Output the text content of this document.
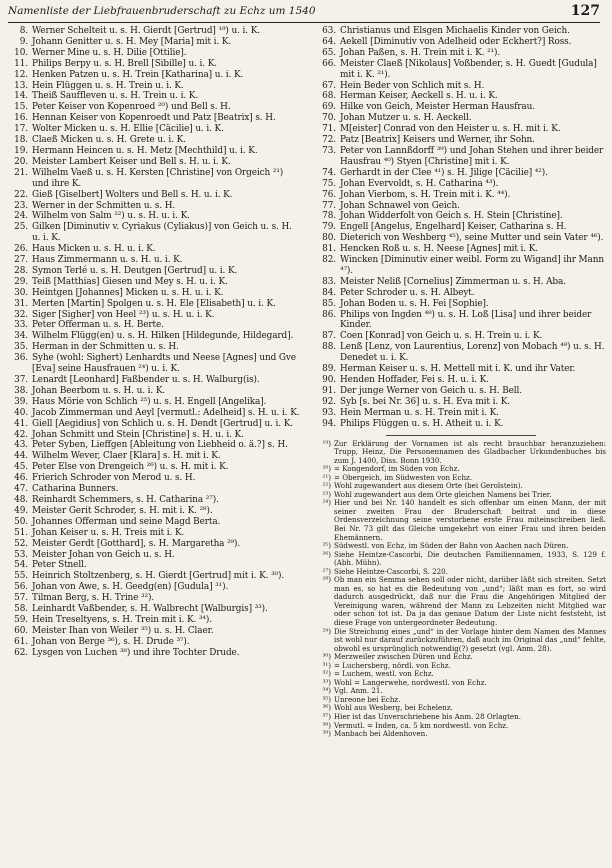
Namenliste der Liebfrauenbruderschaft zu Echz um 1540	127
8. Werner Schelteit u. s. H. Gierdt [Gertrud] ¹⁹) u. i. K.
9. Johann Genitter u. s. H. Mey [Maria] mit i. K.
10. Werner Mine u. s. H. Dilie [Ottilie].
11. Philips Berpy u. s. H. Brell [Sibille] u. i. K.
12. Henken Patzen u. s. H. Trein [Katharina] u. i. K.
13. Hein Flüggen u. s. H. Trein u. i. K.
14. Theiß Sauffleven u. s. H. Trein u. i. K.
15. Peter Keiser von Kopenroed ²⁰) und Bell s. H.
16. Hennan Keiser von Kopenroedt und Patz [Beatrix] s. H.
17. Wolter Micken u. s. H. Ellie [Cäcilie] u. i. K.
18. Claeß Micken u. s. H. Grete u. i. K.
19. Hermann Heincen u. s. H. Metz [Mechthild] u. i. K.
20. Meister Lambert Keiser und Bell s. H. u. i. K.
21. Wilhelm Vaeß u. s. H. Kersten [Christine] von Orgeich ²¹) und ihre K.
22. Gieß [Giselbert] Wolters und Bell s. H. u. i. K.
23. Werner in der Schmitten u. s. H.
24. Wilhelm von Salm ²²) u. s. H. u. i. K.
25. Gilken [Diminutiv v. Cyriakus (Cyliakus)] von Geich u. s. H. u. i. K.
26. Haus Micken u. s. H. u. i. K.
27. Haus Zimmermann u. s. H. u. i. K.
28. Symon Terlé u. s. H. Deutgen [Gertrud] u. i. K.
29. Teiß [Matthias] Giesen und Mey s. H. u. i. K.
30. Heintgen [Johannes] Micken u. s. H. u. i. K.
31. Merten [Martin] Spolgen u. s. H. Ele [Elisabeth] u. i. K.
32. Siger [Sigher] von Heel ²³) u. s. H. u. i. K.
33. Peter Offerman u. s. H. Berte.
34. Wilhelm Flügg(en) u. s. H. Hilken [Hildegunde, Hildegard].
35. Herman in der Schmitten u. s. H.
36. Syhe (wohl: Sighert) Lenhardts und Neese [Agnes] und Gve [Eva] seine Hausfrauen ²⁴) u. i. K.
37. Lenardt [Leonhard] Faßbender u. s. H. Walburg(is).
38. Johan Beerbom u. s. H. u. i. K.
39. Haus Mörie von Schlich ²⁵) u. s. H. Engell [Angelika].
40. Jacob Zimmerman und Aeyl [vermutl.: Adelheid] s. H. u. i. K.
41. Giell [Aegidius] von Schlich u. s. H. Dendt [Gertrud] u. i. K.
42. Johan Schmitt und Stein [Christine] s. H. u. i. K.
43. Peter Syben, Lieffgen [Ableitung von Liebheid o. ä.?] s. H.
44. Wilhelm Wever, Claer [Klara] s. H. mit i. K.
45. Peter Else von Drengeich ²⁶) u. s. H. mit i. K.
46. Frierich Schroder von Merod u. s. H.
47. Catharina Bunners.
48. Reinhardt Schemmers, s. H. Catharina ²⁷).
49. Meister Gerit Schroder, s. H. mit i. K. ²⁸).
50. Johannes Offerman und seine Magd Berta.
51. Johan Keiser u. s. H. Treis mit i. K.
52. Meister Gerdt [Gotthard], s. H. Margaretha ²⁹).
53. Meister Johan von Geich u. s. H.
54. Peter Stnell.
55. Heinrich Stoltzenberg, s. H. Gierdt [Gertrud] mit i. K. ³⁰).
56. Johan von Awe, s. H. Geedg(en) [Gudula] ³¹).
57. Tilman Berg, s. H. Trine ³²).
58. Leinhardt Vaßbender, s. H. Walbrecht [Walburgis] ³³).
59. Hein Treseltyens, s. H. Trein mit i. K. ³⁴).
60. Meister Ihan von Weiler ³⁵) u. s. H. Claer.
61. Johan von Berge ³⁶), s. H. Drude ³⁷).
62. Lysgen von Luchen ³⁸) und ihre Tochter Drude.
63. Christianus und Elsgen Michaelis Kinder von Geich.
64. Aekell [Diminutiv von Adelheid oder Eckhert?] Ross.
65. Johan Paßen, s. H. Trein mit i. K. ²¹).
66. Meister Claeß [Nikolaus] Voßbender, s. H. Guedt [Gudula] mit i. K. ²¹).
67. Hein Beder von Schlich mit s. H.
68. Herman Keiser, Aeckell s. H. u. i. K.
69. Hilke von Geich, Meister Herman Hausfrau.
70. Johan Mutzer u. s. H. Aeckell.
71. M[eister] Conrad von den Heister u. s. H. mit i. K.
72. Patz [Beatrix] Keisers und Werner, ihr Sohn.
73. Peter von Lannßdorff ³⁹) und Johan Stehen und ihrer beider Hausfrau ⁴⁰) Styen [Christine] mit i. K.
74. Gerhardt in der Clee ⁴¹) s. H. Jilige [Cäcilie] ⁴²).
75. Johan Evervoldt, s. H. Catharina ⁴³).
76. Johan Vierbom, s. H. Trein mit i. K. ⁴⁴).
77. Johan Schnawel von Geich.
78. Johan Widderfolt von Geich s. H. Stein [Christine].
79. Engell [Angelus, Engelhard] Keiser, Catharina s. H.
80. Dieterich von Weshberg ⁴⁵), seine Mutter und sein Vater ⁴⁶).
81. Hencken Roß u. s. H. Neese [Agnes] mit i. K.
82. Wincken [Diminutiv einer weibl. Form zu Wigand] ihr Mann ⁴⁷).
83. Meister Neliß [Cornelius] Zimmerman u. s. H. Aba.
84. Peter Schroder u. s. H. Albeyt.
85. Johan Boden u. s. H. Fei [Sophie].
86. Philips von Ingden ⁴⁸) u. s. H. Loß [Lisa] und ihrer beider Kinder.
87. Coen [Konrad] von Geich u. s. H. Trein u. i. K.
88. Lenß [Lenz, von Laurentius, Lorenz] von Mobach ⁴⁹) u. s. H. Denedet u. i. K.
89. Herman Keiser u. s. H. Mettell mit i. K. und ihr Vater.
90. Henden Hoffader, Fei s. H. u. i. K.
91. Der junge Werner von Geich u. s. H. Bell.
92. Syb [s. bei Nr. 36] u. s. H. Eva mit i. K.
93. Hein Merman u. s. H. Trein mit i. K.
94. Philips Flüggen u. s. H. Atheit u. i. K.
¹⁹) Zur Erklärung der Vornamen ist als recht brauchbar heranzuziehen: Trupp, Heinz, Die Personennamen des Gladbacher Urkundenbuches bis zum J. 1400, Diss. Bonn 1930.
²⁰) = Kongendorf, im Süden von Echz.
²¹) = Obergeich, im Südwesten von Echz.
²²) Wohl zugewandert aus diesem Orte (bei Gerolstein).
²³) Wohl zugewandert aus dem Orte gleichen Namens bei Trier.
²⁴) Hier und bei Nr. 140 handelt es sich offenbar um einen Mann, der mit seiner zweiten Frau der Bruderschaft beitrat und in diese Ordensverzeichnung seine verstorbene erste Frau miteinschreiben ließ. Bei Nr. 73 gilt das Gleiche umgekehrt von einer Frau und ihren beiden Ehemännern.
²⁵) Südwestl. von Echz, im Süden der Bahn von Aachen nach Düren.
²⁶) Siehe Heintze-Cascorbi, Die deutschen Familiennamen, 1933, S. 129 f. (Abh. Mühn).
²⁷) Siehe Heintze-Cascorbi, S. 220.
²⁸) Ob man ein Semma sehen soll oder nicht, darüber läßt sich streiten. Setzt man es, so hat es die Bedeutung von „und“; läßt man es fort, so wird dadurch ausgedrückt, daß nur die Frau die Angehörigen Mitglied der Vereinigung waren, während der Mann zu Lebzeiten nicht Mitglied war oder schon tot ist. Da ja das genaue Datum der Liste nicht feststeht, ist diese Frage von untergeordneter Bedeutung.
²⁹) Die Streichung eines „und“ in der Vorlage hinter dem Namen des Mannes ist wohl nur darauf zurückzuführen, daß auch im Original das „und“ fehlte, obwohl es ursprünglich notwendig(?) gesetzt (vgl. Anm. 28).
³⁰) Merzweiler zwischen Düren und Echz.
³¹) = Luchersberg, nördl. von Echz.
³²) = Luchem, westl. von Echz.
³³) Wohl = Langerwehe, nordwestl. von Echz.
³⁴) Vgl. Anm. 21.
³⁵) Unreone bei Echz.
³⁶) Wohl aus Wesberg, bei Echelenz.
³⁷) Hier ist das Unverschriebene bis Anm. 28 Orlagten.
³⁸) Vermutl. = Inden, ca. 5 km nordwestl. von Echz.
³⁹) Manbach bei Aldenhoven.
